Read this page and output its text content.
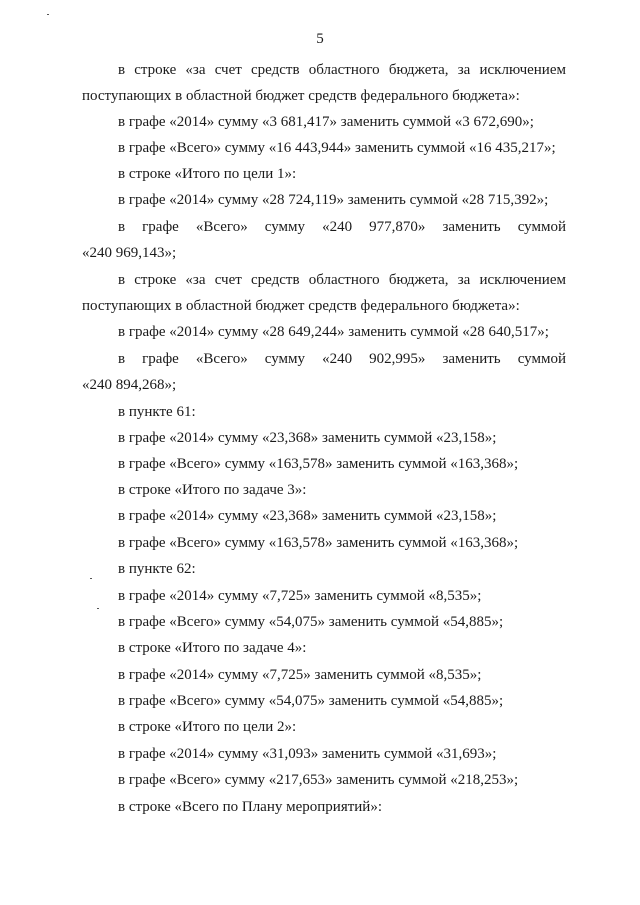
5
в строке «за счет средств областного бюджета, за исключением
поступающих в областной бюджет средств федерального бюджета»:
в графе «2014» сумму «3 681,417» заменить суммой «3 672,690»;
в графе «Всего» сумму «16 443,944» заменить суммой «16 435,217»;
в строке «Итого по цели 1»:
в графе «2014» сумму «28 724,119» заменить суммой «28 715,392»;
в графе «Всего» сумму «240 977,870» заменить суммой
«240 969,143»;
в строке «за счет средств областного бюджета, за исключением
поступающих в областной бюджет средств федерального бюджета»:
в графе «2014» сумму «28 649,244» заменить суммой «28 640,517»;
в графе «Всего» сумму «240 902,995» заменить суммой
«240 894,268»;
в пункте 61:
в графе «2014» сумму «23,368» заменить суммой «23,158»;
в графе «Всего» сумму «163,578» заменить суммой «163,368»;
в строке «Итого по задаче 3»:
в графе «2014» сумму «23,368» заменить суммой «23,158»;
в графе «Всего» сумму «163,578» заменить суммой «163,368»;
в пункте 62:
в графе «2014» сумму «7,725» заменить суммой «8,535»;
в графе «Всего» сумму «54,075» заменить суммой «54,885»;
в строке «Итого по задаче 4»:
в графе «2014» сумму «7,725» заменить суммой «8,535»;
в графе «Всего» сумму «54,075» заменить суммой «54,885»;
в строке «Итого по цели 2»:
в графе «2014» сумму «31,093» заменить суммой «31,693»;
в графе «Всего» сумму «217,653» заменить суммой «218,253»;
в строке «Всего по Плану мероприятий»:
